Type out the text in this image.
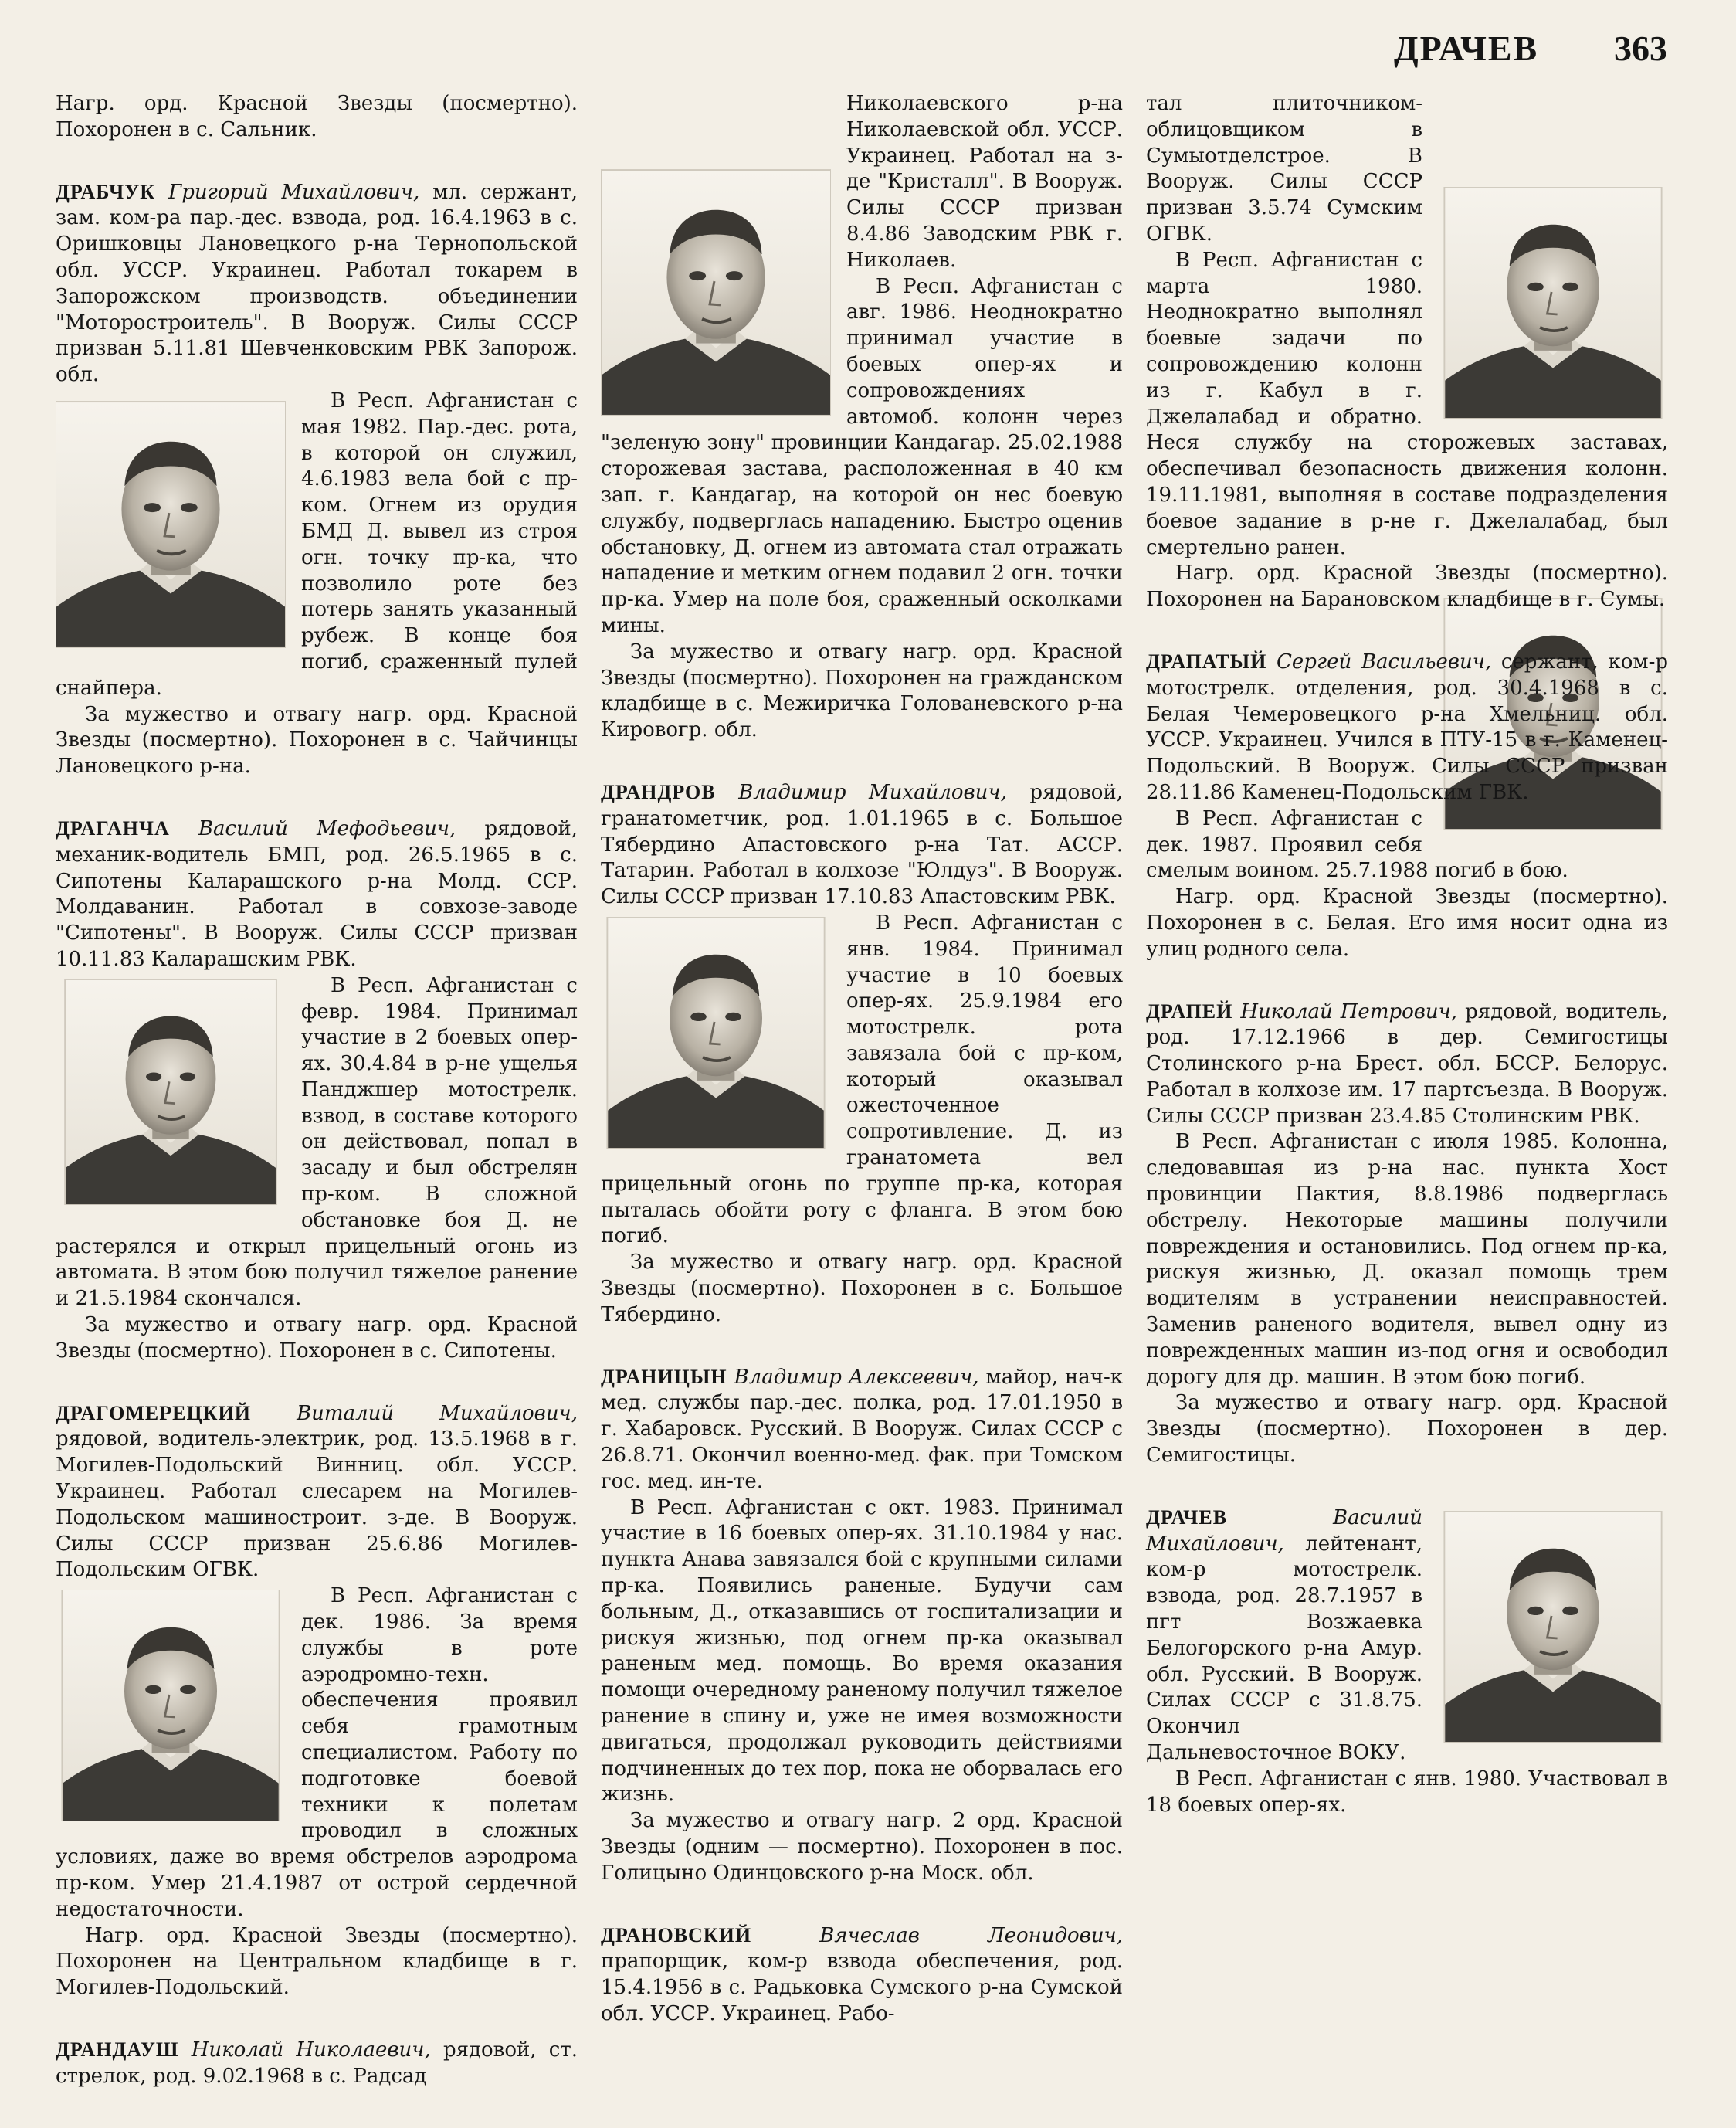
ДРАЧЕВ 363

Нагр. орд. Красной Звезды (посмертно). Похоронен в с. Сальник.

ДРАБЧУК Григорий Михайлович, мл. сержант, зам. ком-ра пар.-дес. взвода, род. 16.4.1963 в с. Оришковцы Лановецкого р-на Тернопольской обл. УССР. Украинец. Работал токарем в Запорожском производств. объединении "Моторостроитель". В Вооруж. Силы СССР призван 5.11.81 Шевченковским РВК Запорож. обл.

В Респ. Афганистан с мая 1982. Пар.-дес. рота, в которой он служил, 4.6.1983 вела бой с пр-ком. Огнем из орудия БМД Д. вывел из строя огн. точку пр-ка, что позволило роте без потерь занять указанный рубеж. В конце боя погиб, сраженный пулей снайпера.

За мужество и отвагу нагр. орд. Красной Звезды (посмертно). Похоронен в с. Чайчинцы Лановецкого р-на.

ДРАГАНЧА Василий Мефодьевич, рядовой, механик-водитель БМП, род. 26.5.1965 в с. Сипотены Каларашского р-на Молд. ССР. Молдаванин. Работал в совхозе-заводе "Сипотены". В Вооруж. Силы СССР призван 10.11.83 Каларашским РВК.

В Респ. Афганистан с февр. 1984. Принимал участие в 2 боевых опер-ях. 30.4.84 в р-не ущелья Панджшер мотострелк. взвод, в составе которого он действовал, попал в засаду и был обстрелян пр-ком. В сложной обстановке боя Д. не растерялся и открыл прицельный огонь из автомата. В этом бою получил тяжелое ранение и 21.5.1984 скончался.

За мужество и отвагу нагр. орд. Красной Звезды (посмертно). Похоронен в с. Сипотены.

ДРАГОМЕРЕЦКИЙ Виталий Михайлович, рядовой, водитель-электрик, род. 13.5.1968 в г. Могилев-Подольский Винниц. обл. УССР. Украинец. Работал слесарем на Могилев-Подольском машиностроит. з-де. В Вооруж. Силы СССР призван 25.6.86 Могилев-Подольским ОГВК.

В Респ. Афганистан с дек. 1986. За время службы в роте аэродромно-техн. обеспечения проявил себя грамотным специалистом. Работу по подготовке боевой техники к полетам проводил в сложных условиях, даже во время обстрелов аэродрома пр-ком. Умер 21.4.1987 от острой сердечной недостаточности.

Нагр. орд. Красной Звезды (посмертно). Похоронен на Центральном кладбище в г. Могилев-Подольский.

ДРАНДАУШ Николай Николаевич, рядовой, ст. стрелок, род. 9.02.1968 в с. Радсад

Николаевского р-на Николаевской обл. УССР. Украинец. Работал на з-де "Кристалл". В Вооруж. Силы СССР призван 8.4.86 Заводским РВК г. Николаев.

В Респ. Афганистан с авг. 1986. Неоднократно принимал участие в боевых опер-ях и сопровождениях автомоб. колонн через "зеленую зону" провинции Кандагар. 25.02.1988 сторожевая застава, расположенная в 40 км зап. г. Кандагар, на которой он нес боевую службу, подверглась нападению. Быстро оценив обстановку, Д. огнем из автомата стал отражать нападение и метким огнем подавил 2 огн. точки пр-ка. Умер на поле боя, сраженный осколками мины.

За мужество и отвагу нагр. орд. Красной Звезды (посмертно). Похоронен на гражданском кладбище в с. Межиричка Голованевского р-на Кировогр. обл.

ДРАНДРОВ Владимир Михайлович, рядовой, гранатометчик, род. 1.01.1965 в с. Большое Тябердино Апастовского р-на Тат. АССР. Татарин. Работал в колхозе "Юлдуз". В Вооруж. Силы СССР призван 17.10.83 Апастовским РВК.

В Респ. Афганистан с янв. 1984. Принимал участие в 10 боевых опер-ях. 25.9.1984 его мотострелк. рота завязала бой с пр-ком, который оказывал ожесточенное сопротивление. Д. из гранатомета вел прицельный огонь по группе пр-ка, которая пыталась обойти роту с фланга. В этом бою погиб.

За мужество и отвагу нагр. орд. Красной Звезды (посмертно). Похоронен в с. Большое Тябердино.

ДРАНИЦЫН Владимир Алексеевич, майор, нач-к мед. службы пар.-дес. полка, род. 17.01.1950 в г. Хабаровск. Русский. В Вооруж. Силах СССР с 26.8.71. Окончил военно-мед. фак. при Томском гос. мед. ин-те.

В Респ. Афганистан с окт. 1983. Принимал участие в 16 боевых опер-ях. 31.10.1984 у нас. пункта Анава завязался бой с крупными силами пр-ка. Появились раненые. Будучи сам больным, Д., отказавшись от госпитализации и рискуя жизнью, под огнем пр-ка оказывал раненым мед. помощь. Во время оказания помощи очередному раненому получил тяжелое ранение в спину и, уже не имея возможности двигаться, продолжал руководить действиями подчиненных до тех пор, пока не оборвалась его жизнь.

За мужество и отвагу нагр. 2 орд. Красной Звезды (одним — посмертно). Похоронен в пос. Голицыно Одинцовского р-на Моск. обл.

ДРАНОВСКИЙ	Вячеслав Леонидович, прапорщик, ком-р взвода обеспечения, род. 15.4.1956 в с. Радьковка Сумского р-на Сумской обл. УССР. Украинец. Рабо-

тал плиточником-облицовщиком в Сумыотделстрое. В Вооруж. Силы СССР призван 3.5.74 Сумским ОГВК.

В Респ. Афганистан с марта 1980. Неоднократно выполнял боевые задачи по сопровождению колонн из г. Кабул в г. Джелалабад и обратно. Неся службу на сторожевых заставах, обеспечивал безопасность движения колонн. 19.11.1981, выполняя в составе подразделения боевое задание в р-не г. Джелалабад, был смертельно ранен.

Нагр. орд. Красной Звезды (посмертно). Похоронен на Барановском кладбище в г. Сумы.

ДРАПАТЫЙ Сергей Васильевич, сержант, ком-р мотострелк. отделения, род. 30.4.1968 в с. Белая Чемеровецкого р-на Хмельниц. обл. УССР. Украинец. Учился в ПТУ-15 в г. Каменец-Подольский. В Вооруж. Силы СССР призван 28.11.86 Каменец-Подольским ГВК.

В Респ. Афганистан с дек. 1987. Проявил себя смелым воином. 25.7.1988 погиб в бою.

Нагр. орд. Красной Звезды (посмертно). Похоронен в с. Белая. Его имя носит одна из улиц родного села.

ДРАПЕЙ Николай Петрович, рядовой, водитель, род. 17.12.1966 в дер. Семигостицы Столинского р-на Брест. обл. БССР. Белорус. Работал в колхозе им. 17 партсъезда. В Вооруж. Силы СССР призван 23.4.85 Столинским РВК.

В Респ. Афганистан с июля 1985. Колонна, следовавшая из р-на нас. пункта Хост провинции Пактия, 8.8.1986 подверглась обстрелу. Некоторые машины получили повреждения и остановились. Под огнем пр-ка, рискуя жизнью, Д. оказал помощь трем водителям в устранении неисправностей. Заменив раненого водителя, вывел одну из поврежденных машин из-под огня и освободил дорогу для др. машин. В этом бою погиб.

За мужество и отвагу нагр. орд. Красной Звезды (посмертно). Похоронен в дер. Семигостицы.

ДРАЧЕВ	Василий Михайлович, лейтенант, ком-р мотострелк. взвода, род. 28.7.1957 в пгт Возжаевка Белогорского р-на Амур. обл. Русский. В Вооруж. Силах СССР с 31.8.75. Окончил Дальневосточное ВОКУ.

В Респ. Афганистан с янв. 1980. Участвовал в 18 боевых опер-ях.
